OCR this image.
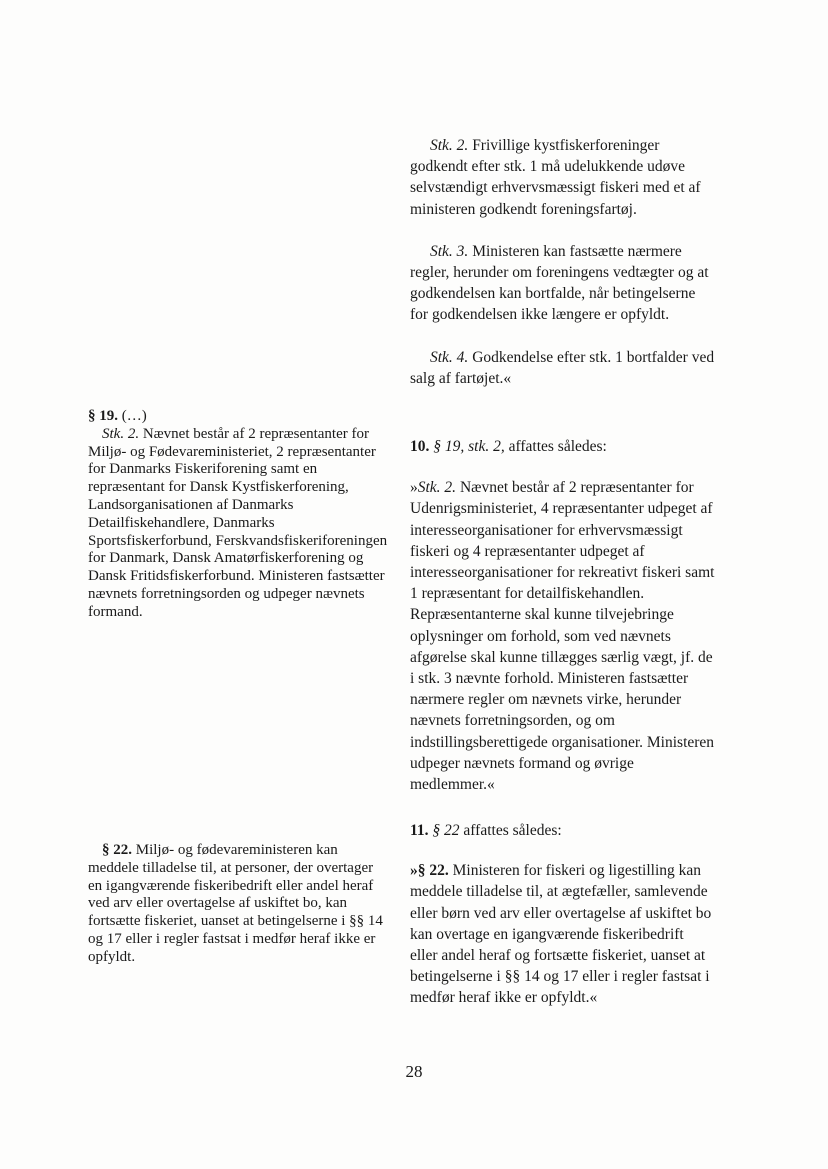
Stk. 2. Frivillige kystfiskerforeninger godkendt efter stk. 1 må udelukkende udøve selvstændigt erhvervsmæssigt fiskeri med et af ministeren godkendt foreningsfartøj.

Stk. 3. Ministeren kan fastsætte nærmere regler, herunder om foreningens vedtægter og at godkendelsen kan bortfalde, når betingelserne for godkendelsen ikke længere er opfyldt.

Stk. 4. Godkendelse efter stk. 1 bortfalder ved salg af fartøjet.«

§ 19. (…)

Stk. 2. Nævnet består af 2 repræsentanter for Miljø- og Fødevareministeriet, 2 repræsentanter for Danmarks Fiskeriforening samt en repræsentant for Dansk Kystfiskerforening, Landsorganisationen af Danmarks Detailfiskehandlere, Danmarks Sportsfiskerforbund, Ferskvandsfiskeriforeningen for Danmark, Dansk Amatørfiskerforening og Dansk Fritidsfiskerforbund. Ministeren fastsætter nævnets forretningsorden og udpeger nævnets formand.

10. § 19, stk. 2, affattes således:

»Stk. 2. Nævnet består af 2 repræsentanter for Udenrigsministeriet, 4 repræsentanter udpeget af interesseorganisationer for erhvervsmæssigt fiskeri og 4 repræsentanter udpeget af interesseorganisationer for rekreativt fiskeri samt 1 repræsentant for detailfiskehandlen. Repræsentanterne skal kunne tilvejebringe oplysninger om forhold, som ved nævnets afgørelse skal kunne tillægges særlig vægt, jf. de i stk. 3 nævnte forhold. Ministeren fastsætter nærmere regler om nævnets virke, herunder nævnets forretningsorden, og om indstillingsberettigede organisationer. Ministeren udpeger nævnets formand og øvrige medlemmer.«

11. § 22 affattes således:

»§ 22. Ministeren for fiskeri og ligestilling kan meddele tilladelse til, at ægtefæller, samlevende eller børn ved arv eller overtagelse af uskiftet bo kan overtage en igangværende fiskeribedrift eller andel heraf og fortsætte fiskeriet, uanset at betingelserne i §§ 14 og 17 eller i regler fastsat i medfør heraf ikke er opfyldt.«

§ 22. Miljø- og fødevareministeren kan meddele tilladelse til, at personer, der overtager en igangværende fiskeribedrift eller andel heraf ved arv eller overtagelse af uskiftet bo, kan fortsætte fiskeriet, uanset at betingelserne i §§ 14 og 17 eller i regler fastsat i medfør heraf ikke er opfyldt.

28
